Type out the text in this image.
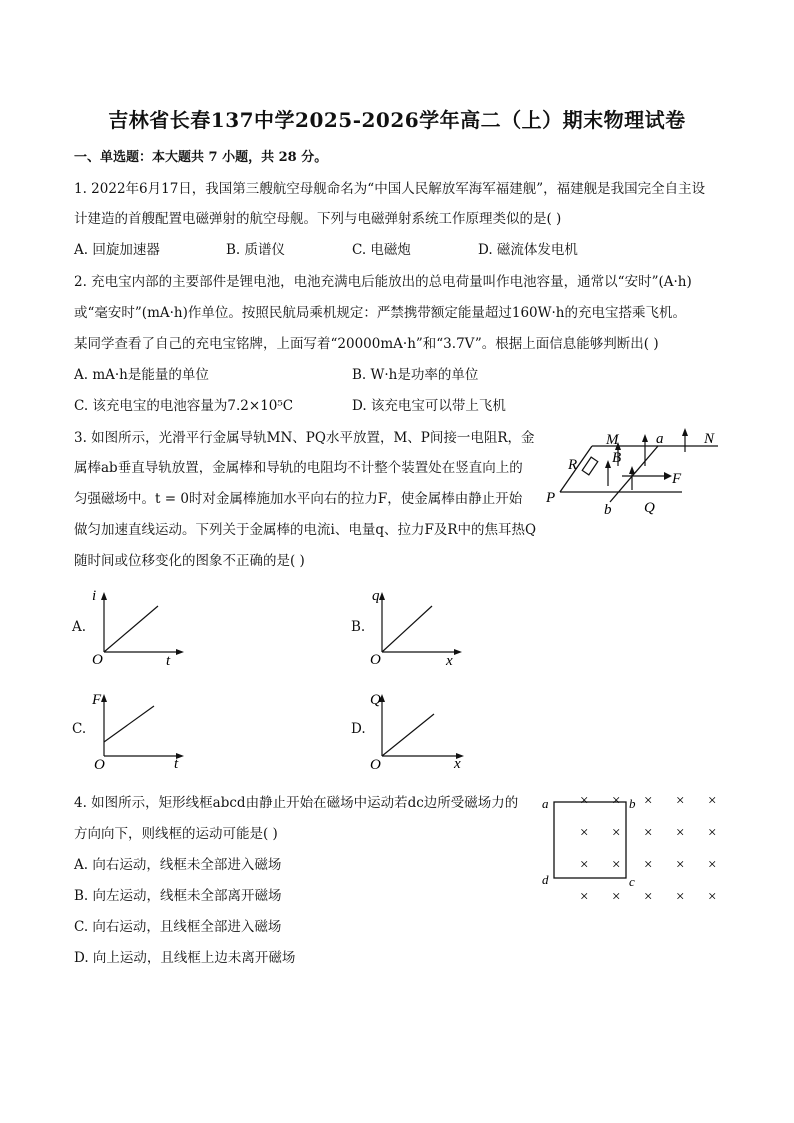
吉林省长春137中学2025-2026学年高二（上）期末物理试卷
一、单选题：本大题共 7 小题，共 28 分。
1. 2022年6月17日，我国第三艘航空母舰命名为“中国人民解放军海军福建舰”，福建舰是我国完全自主设
计建造的首艘配置电磁弹射的航空母舰。下列与电磁弹射系统工作原理类似的是( )
A. 回旋加速器	B. 质谱仪	C. 电磁炮	D. 磁流体发电机
2. 充电宝内部的主要部件是锂电池，电池充满电后能放出的总电荷量叫作电池容量，通常以“安时”(A·h)
或“毫安时”(mA·h)作单位。按照民航局乘机规定：严禁携带额定能量超过160W·h的充电宝搭乘飞机。
某同学查看了自己的充电宝铭牌，上面写着“20000mA·h”和“3.7V”。根据上面信息能够判断出( )
A. mA·h是能量的单位	B. W·h是功率的单位
C. 该充电宝的电池容量为7.2×10⁵C	D. 该充电宝可以带上飞机
3. 如图所示，光滑平行金属导轨MN、PQ水平放置，M、P间接一电阻R，金
属棒ab垂直导轨放置，金属棒和导轨的电阻均不计整个装置处在竖直向上的
匀强磁场中。t = 0时对金属棒施加水平向右的拉力F，使金属棒由静止开始
做匀加速直线运动。下列关于金属棒的电流i、电量q、拉力F及R中的焦耳热Q
随时间或位移变化的图象不正确的是( )
M	a	N
R B
F
P
b Q
A.
i
t
O
B.
q
x
O
C.
F
t
O
D.
Q
x
O
4. 如图所示，矩形线框abcd由静止开始在磁场中运动若dc边所受磁场力的
方向向下，则线框的运动可能是( )
A. 向右运动，线框未全部进入磁场
B. 向左运动，线框未全部离开磁场
C. 向右运动，且线框全部进入磁场
D. 向上运动，且线框上边未离开磁场
a	b
c
d
× × × × ×
× × × × ×
× × × × ×
× × × × ×
